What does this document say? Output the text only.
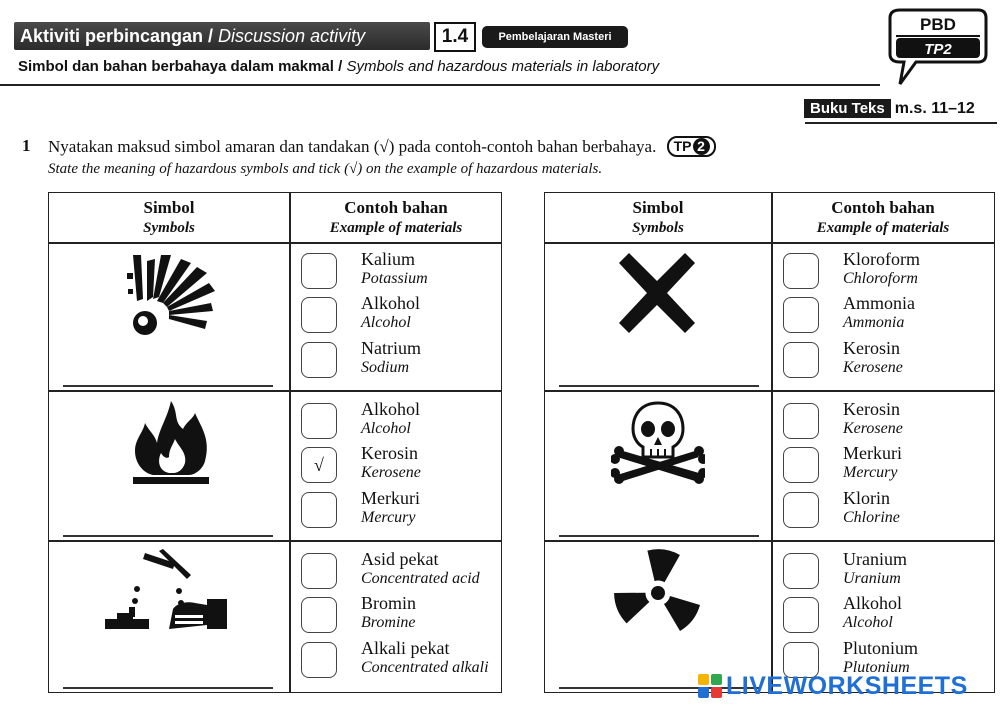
Aktiviti perbincangan / Discussion activity	1.4	Pembelajaran Masteri
Simbol dan bahan berbahaya dalam makmal / Symbols and hazardous materials in laboratory
PBD
TP2
Buku Teks m.s. 11–12
1 Nyatakan maksud simbol amaran dan tandakan (√) pada contoh-contoh bahan berbahaya. TP 2
State the meaning of hazardous symbols and tick (√) on the example of hazardous materials.
Simbol
Symbols
Contoh bahan
Example of materials
Kalium
Potassium
Alkohol
Alcohol
Natrium
Sodium
Alkohol
Alcohol
√
Kerosin
Kerosene
Merkuri
Mercury
Asid pekat
Concentrated acid
Bromin
Bromine
Alkali pekat
Concentrated alkali
Simbol
Symbols
Contoh bahan
Example of materials
Kloroform
Chloroform
Ammonia
Ammonia
Kerosin
Kerosene
Kerosin
Kerosene
Merkuri
Mercury
Klorin
Chlorine
Uranium
Uranium
Alkohol
Alcohol
Plutonium
Plutonium
LIVEWORKSHEETS
